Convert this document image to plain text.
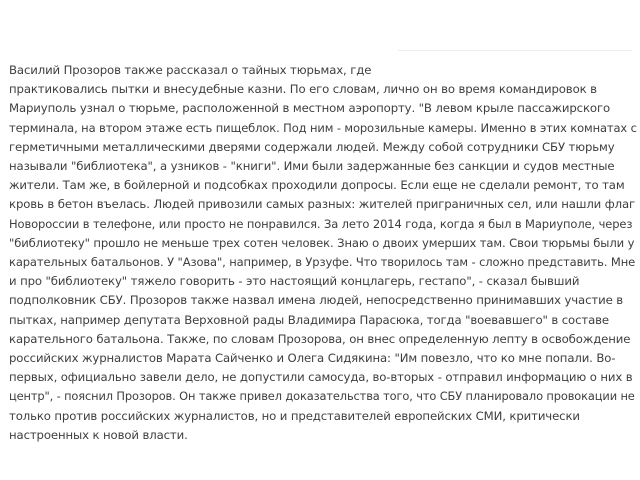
Василий Прозоров также рассказал о тайных тюрьмах, где
практиковались пытки и внесудебные казни. По его словам, лично он во время командировок в
Мариуполь узнал о тюрьме, расположенной в местном аэропорту. "В левом крыле пассажирского
терминала, на втором этаже есть пищеблок. Под ним - морозильные камеры. Именно в этих комнатах с
герметичными металлическими дверями содержали людей. Между собой сотрудники СБУ тюрьму
называли "библиотека", а узников - "книги". Ими были задержанные без санкции и судов местные
жители. Там же, в бойлерной и подсобках проходили допросы. Если еще не сделали ремонт, то там
кровь в бетон въелась. Людей привозили самых разных: жителей приграничных сел, или нашли флаг
Новороссии в телефоне, или просто не понравился. За лето 2014 года, когда я был в Мариуполе, через
"библиотеку" прошло не меньше трех сотен человек. Знаю о двоих умерших там. Свои тюрьмы были у
карательных батальонов. У "Азова", например, в Урзуфе. Что творилось там - сложно представить. Мне
и про "библиотеку" тяжело говорить - это настоящий концлагерь, гестапо", - сказал бывший
подполковник СБУ. Прозоров также назвал имена людей, непосредственно принимавших участие в
пытках, например депутата Верховной рады Владимира Парасюка, тогда "воевавшего" в составе
карательного батальона. Также, по словам Прозорова, он внес определенную лепту в освобождение
российских журналистов Марата Сайченко и Олега Сидякина: "Им повезло, что ко мне попали. Во-
первых, официально завели дело, не допустили самосуда, во-вторых - отправил информацию о них в
центр", - пояснил Прозоров. Он также привел доказательства того, что СБУ планировало провокации не
только против российских журналистов, но и представителей европейских СМИ, критически
настроенных к новой власти.
